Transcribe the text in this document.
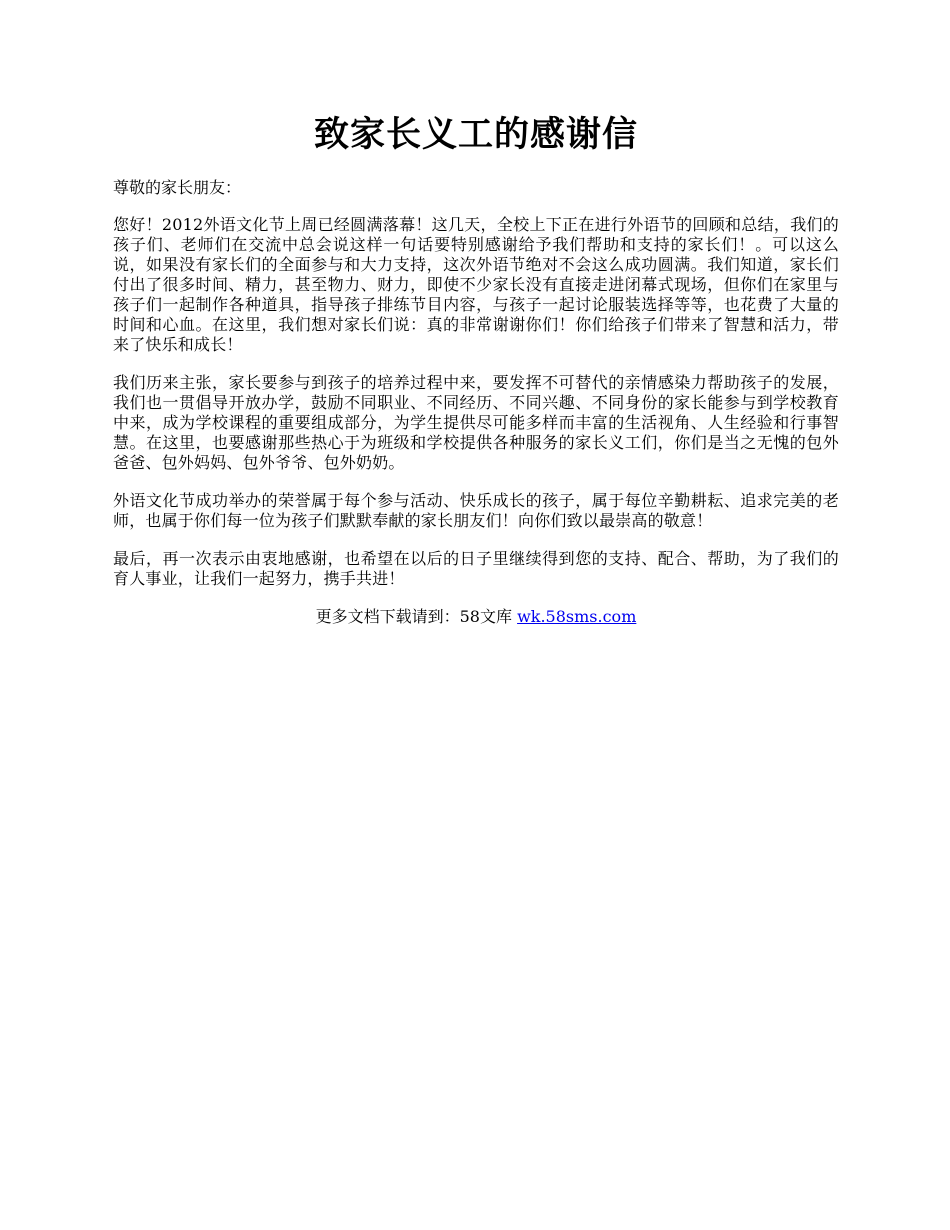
致家长义工的感谢信

尊敬的家长朋友：

您好！2012外语文化节上周已经圆满落幕！这几天，全校上下正在进行外语节的回顾和总结，我们的孩子们、老师们在交流中总会说这样一句话要特别感谢给予我们帮助和支持的家长们！。可以这么说，如果没有家长们的全面参与和大力支持，这次外语节绝对不会这么成功圆满。我们知道，家长们付出了很多时间、精力，甚至物力、财力，即使不少家长没有直接走进闭幕式现场，但你们在家里与孩子们一起制作各种道具，指导孩子排练节目内容，与孩子一起讨论服装选择等等，也花费了大量的时间和心血。在这里，我们想对家长们说：真的非常谢谢你们！你们给孩子们带来了智慧和活力，带来了快乐和成长！

我们历来主张，家长要参与到孩子的培养过程中来，要发挥不可替代的亲情感染力帮助孩子的发展，我们也一贯倡导开放办学，鼓励不同职业、不同经历、不同兴趣、不同身份的家长能参与到学校教育中来，成为学校课程的重要组成部分，为学生提供尽可能多样而丰富的生活视角、人生经验和行事智慧。在这里，也要感谢那些热心于为班级和学校提供各种服务的家长义工们，你们是当之无愧的包外爸爸、包外妈妈、包外爷爷、包外奶奶。

外语文化节成功举办的荣誉属于每个参与活动、快乐成长的孩子，属于每位辛勤耕耘、追求完美的老师，也属于你们每一位为孩子们默默奉献的家长朋友们！向你们致以最崇高的敬意！

最后，再一次表示由衷地感谢，也希望在以后的日子里继续得到您的支持、配合、帮助，为了我们的育人事业，让我们一起努力，携手共进！

更多文档下载请到：58文库 wk.58sms.com
